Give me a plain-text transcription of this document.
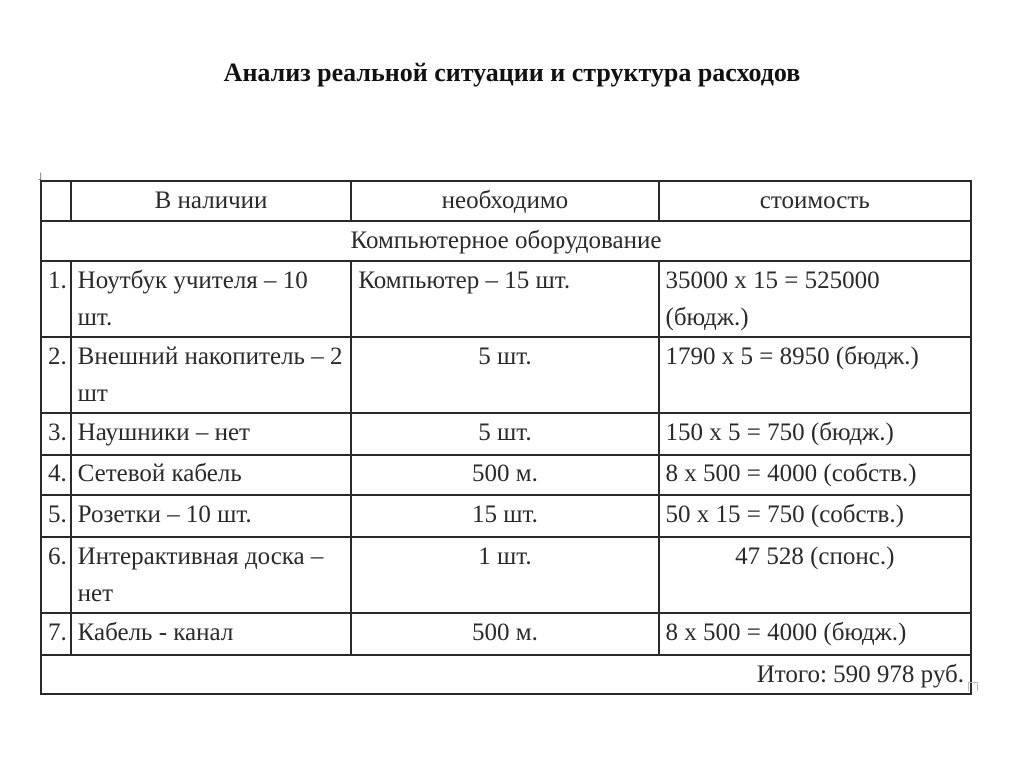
Анализ реальной ситуации и структура расходов
˩
	В наличии	необходимо	стоимость
Компьютерное оборудование			
1.	Ноутбук учителя – 10 шт.	Компьютер – 15 шт.	35000 х 15 = 525000 (бюдж.)
2.	Внешний накопитель – 2 шт	5 шт.	1790 х 5 = 8950 (бюдж.)
3.	Наушники – нет	5 шт.	150 х 5 = 750 (бюдж.)
4.	Сетевой кабель	500 м.	8 х 500 = 4000 (собств.)
5.	Розетки – 10 шт.	15 шт.	50 х 15 = 750 (собств.)
6.	Интерактивная доска – нет	1 шт.	47 528 (спонс.)
7.	Кабель - канал	500 м.	8 х 500 = 4000 (бюдж.)
Итого: 590 978 руб.			
